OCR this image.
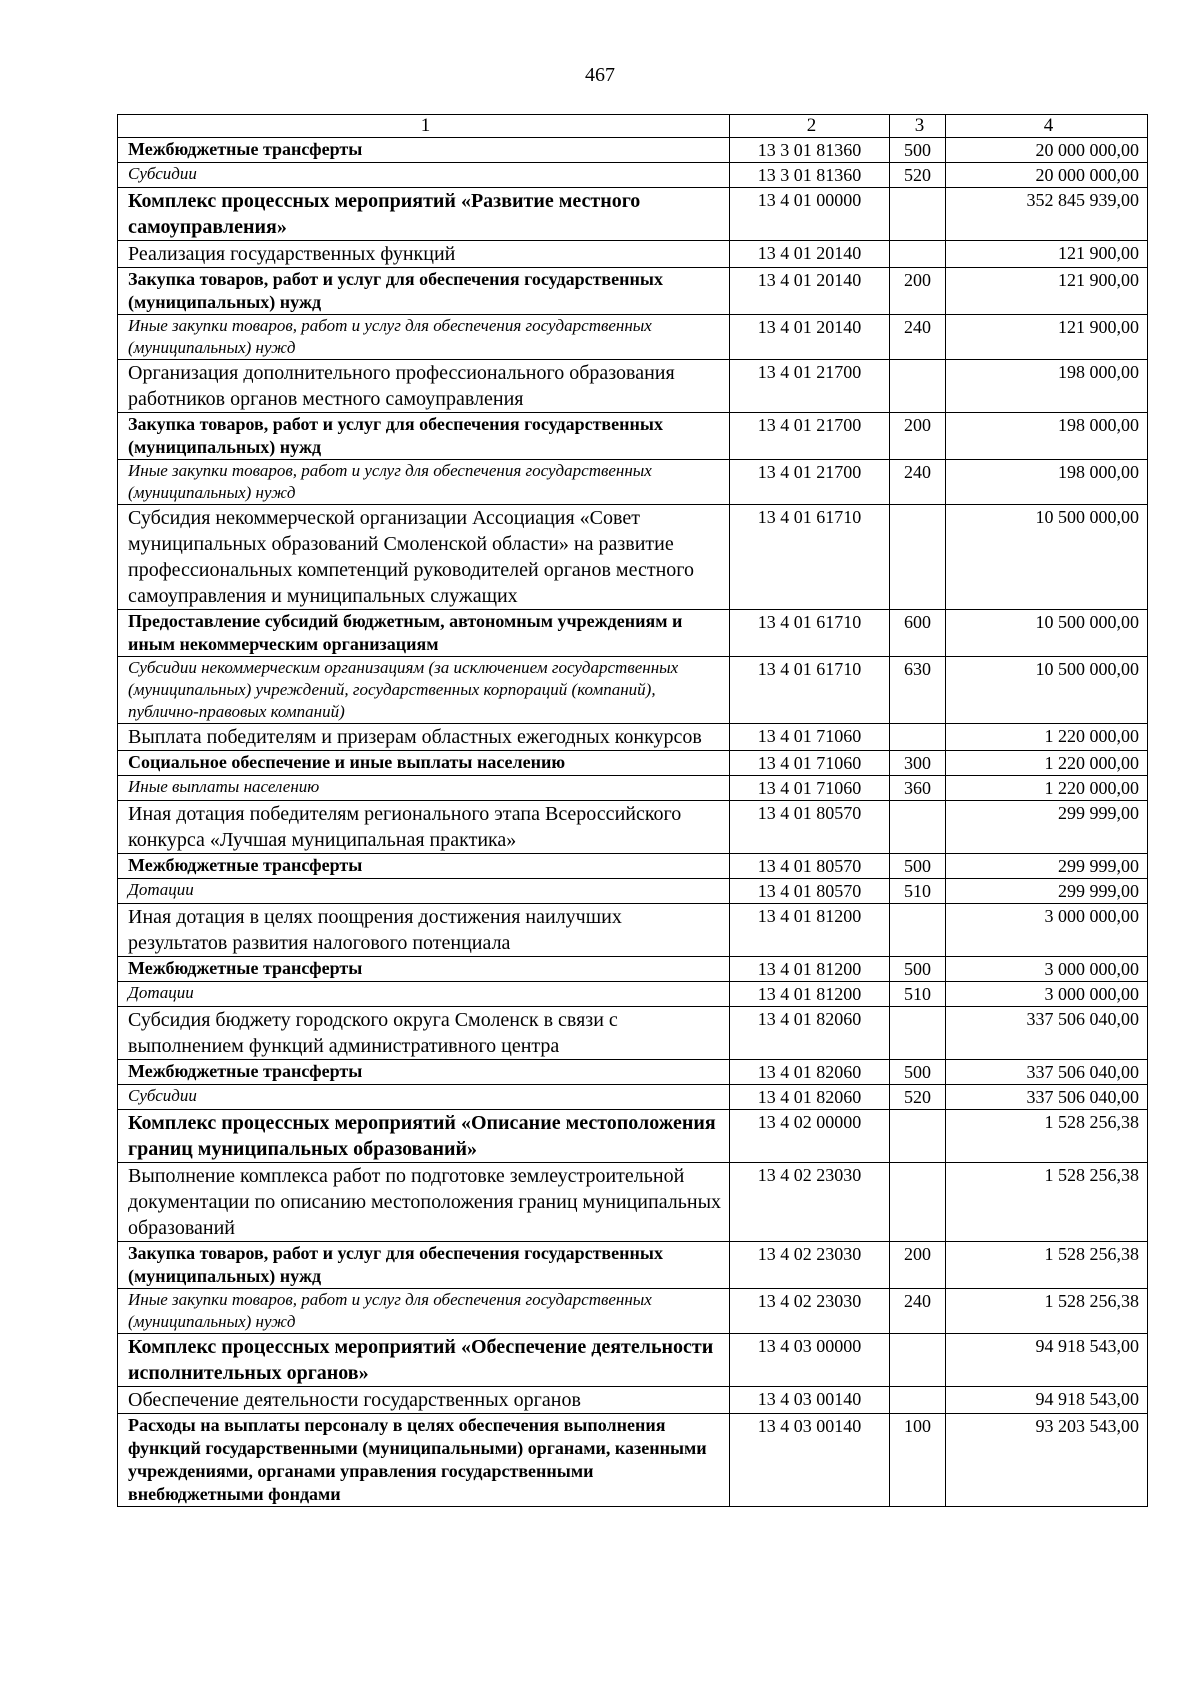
467
1	2	3	4
Межбюджетные трансферты	13 3 01 81360	500	20 000 000,00
Субсидии	13 3 01 81360	520	20 000 000,00
Комплекс процессных мероприятий «Развитие местного самоуправления»	13 4 01 00000		352 845 939,00
Реализация государственных функций	13 4 01 20140		121 900,00
Закупка товаров, работ и услуг для обеспечения государственных (муниципальных) нужд	13 4 01 20140	200	121 900,00
Иные закупки товаров, работ и услуг для обеспечения государственных (муниципальных) нужд	13 4 01 20140	240	121 900,00
Организация дополнительного профессионального образования работников органов местного самоуправления	13 4 01 21700		198 000,00
Закупка товаров, работ и услуг для обеспечения государственных (муниципальных) нужд	13 4 01 21700	200	198 000,00
Иные закупки товаров, работ и услуг для обеспечения государственных (муниципальных) нужд	13 4 01 21700	240	198 000,00
Субсидия некоммерческой организации Ассоциация «Совет муниципальных образований Смоленской области» на развитие профессиональных компетенций руководителей органов местного самоуправления и муниципальных служащих	13 4 01 61710		10 500 000,00
Предоставление субсидий бюджетным, автономным учреждениям и иным некоммерческим организациям	13 4 01 61710	600	10 500 000,00
Субсидии некоммерческим организациям (за исключением государственных (муниципальных) учреждений, государственных корпораций (компаний), публично-правовых компаний)	13 4 01 61710	630	10 500 000,00
Выплата победителям и призерам областных ежегодных конкурсов	13 4 01 71060		1 220 000,00
Социальное обеспечение и иные выплаты населению	13 4 01 71060	300	1 220 000,00
Иные выплаты населению	13 4 01 71060	360	1 220 000,00
Иная дотация победителям регионального этапа Всероссийского конкурса «Лучшая муниципальная практика»	13 4 01 80570		299 999,00
Межбюджетные трансферты	13 4 01 80570	500	299 999,00
Дотации	13 4 01 80570	510	299 999,00
Иная дотация в целях поощрения достижения наилучших результатов развития налогового потенциала	13 4 01 81200		3 000 000,00
Межбюджетные трансферты	13 4 01 81200	500	3 000 000,00
Дотации	13 4 01 81200	510	3 000 000,00
Субсидия бюджету городского округа Смоленск в связи с выполнением функций административного центра	13 4 01 82060		337 506 040,00
Межбюджетные трансферты	13 4 01 82060	500	337 506 040,00
Субсидии	13 4 01 82060	520	337 506 040,00
Комплекс процессных мероприятий «Описание местоположения границ муниципальных образований»	13 4 02 00000		1 528 256,38
Выполнение комплекса работ по подготовке землеустроительной документации по описанию местоположения границ муниципальных образований	13 4 02 23030		1 528 256,38
Закупка товаров, работ и услуг для обеспечения государственных (муниципальных) нужд	13 4 02 23030	200	1 528 256,38
Иные закупки товаров, работ и услуг для обеспечения государственных (муниципальных) нужд	13 4 02 23030	240	1 528 256,38
Комплекс процессных мероприятий «Обеспечение деятельности исполнительных органов»	13 4 03 00000		94 918 543,00
Обеспечение деятельности государственных органов	13 4 03 00140		94 918 543,00
Расходы на выплаты персоналу в целях обеспечения выполнения функций государственными (муниципальными) органами, казенными учреждениями, органами управления государственными внебюджетными фондами	13 4 03 00140	100	93 203 543,00
